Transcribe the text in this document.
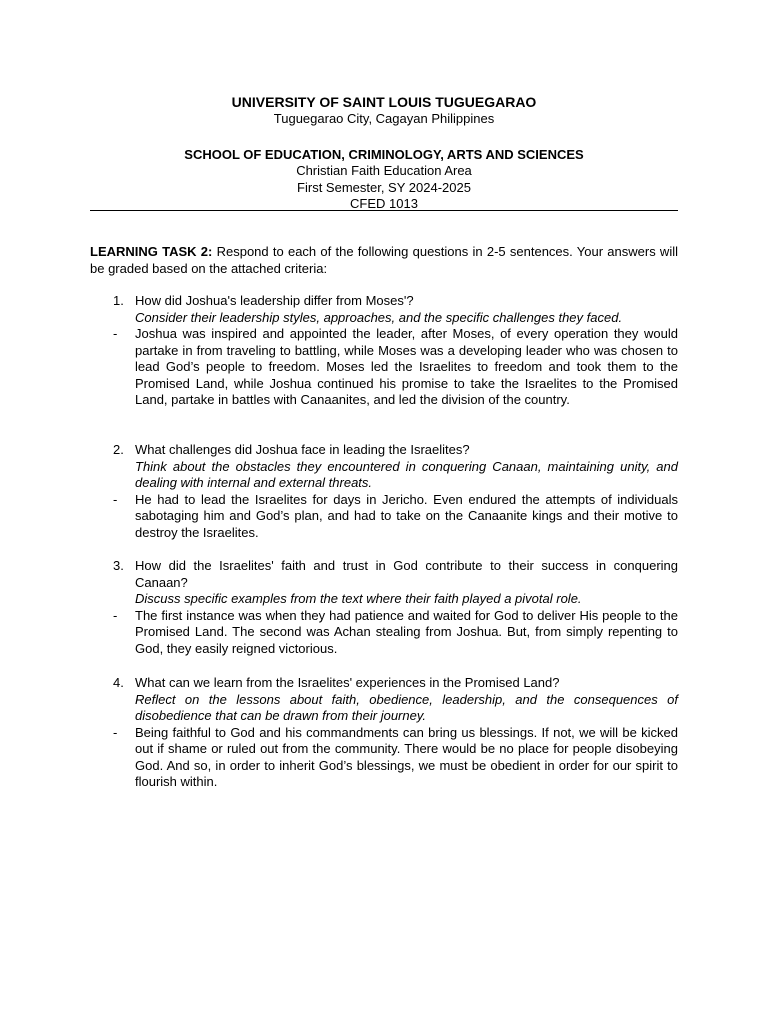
UNIVERSITY OF SAINT LOUIS TUGUEGARAO
Tuguegarao City, Cagayan Philippines
SCHOOL OF EDUCATION, CRIMINOLOGY, ARTS AND SCIENCES
Christian Faith Education Area
First Semester, SY 2024-2025
CFED 1013
LEARNING TASK 2: Respond to each of the following questions in 2-5 sentences. Your answers will be graded based on the attached criteria:
1. How did Joshua's leadership differ from Moses'?
Consider their leadership styles, approaches, and the specific challenges they faced.
-	Joshua was inspired and appointed the leader, after Moses, of every operation they would partake in from traveling to battling, while Moses was a developing leader who was chosen to lead God’s people to freedom. Moses led the Israelites to freedom and took them to the Promised Land, while Joshua continued his promise to take the Israelites to the Promised Land, partake in battles with Canaanites, and led the division of the country.
2. What challenges did Joshua face in leading the Israelites?
Think about the obstacles they encountered in conquering Canaan, maintaining unity, and dealing with internal and external threats.
-	He had to lead the Israelites for days in Jericho. Even endured the attempts of individuals sabotaging him and God’s plan, and had to take on the Canaanite kings and their motive to destroy the Israelites.
3. How did the Israelites' faith and trust in God contribute to their success in conquering Canaan?
Discuss specific examples from the text where their faith played a pivotal role.
-	The first instance was when they had patience and waited for God to deliver His people to the Promised Land. The second was Achan stealing from Joshua. But, from simply repenting to God, they easily reigned victorious.
4. What can we learn from the Israelites' experiences in the Promised Land?
Reflect on the lessons about faith, obedience, leadership, and the consequences of disobedience that can be drawn from their journey.
-	Being faithful to God and his commandments can bring us blessings. If not, we will be kicked out if shame or ruled out from the community. There would be no place for people disobeying God. And so, in order to inherit God’s blessings, we must be obedient in order for our spirit to flourish within.
